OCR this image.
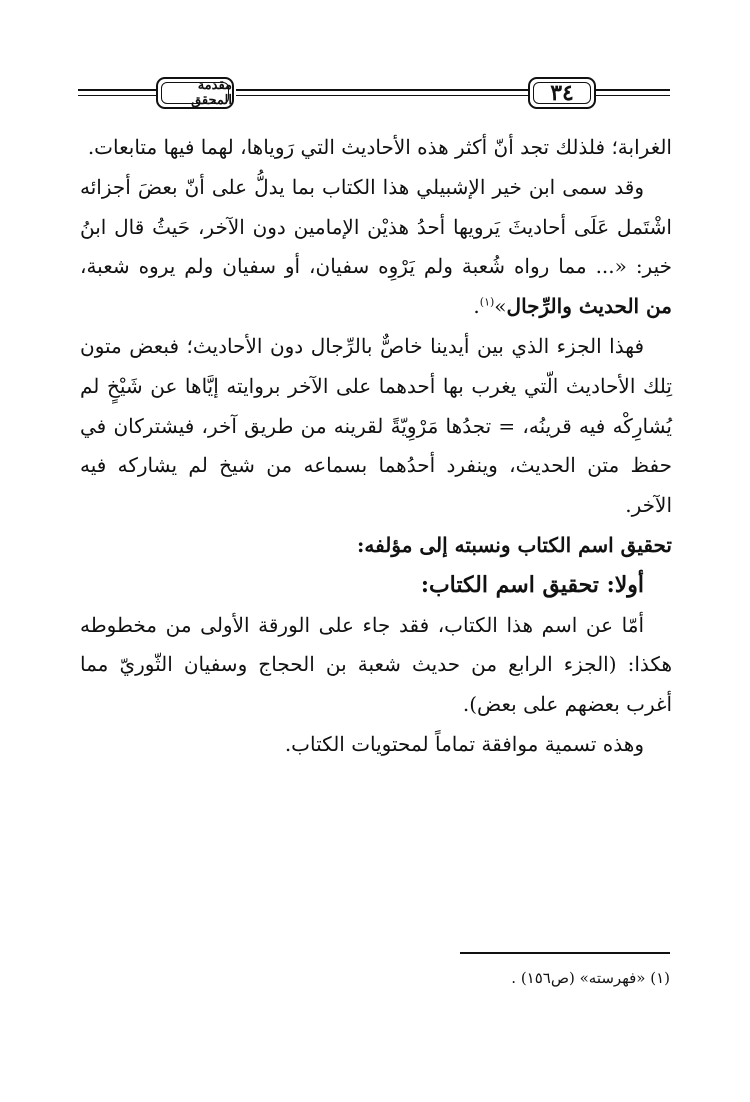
٣٤
مقدمة المحقق

الغرابة؛ فلذلك تجد أنّ أكثر هذه الأحاديث التي رَوياها، لهما فيها متابعات.

وقد سمى ابن خير الإشبيلي هذا الكتاب بما يدلُّ على أنّ بعضَ أجزائه اشْتَمل عَلَى أحاديثَ يَرويها أحدُ هذيْن الإمامين دون الآخر، حَيثُ قال ابنُ خير: «... مما رواه شُعبة ولم يَرْوِه سفيان، أو سفيان ولم يروه شعبة، من الحديث والرِّجال»$^{(١)}$.

فهذا الجزء الذي بين أيدينا خاصٌّ بالرِّجال دون الأحاديث؛ فبعض متون تِلك الأحاديث الّتي يغرب بها أحدهما على الآخر بروايته إيَّاها عن شَيْخٍ لم يُشارِكْه فيه قرينُه، = تجدُها مَرْوِيّةً لقرينه من طريق آخر، فيشتركان في حفظ متن الحديث، وينفرد أحدُهما بسماعه من شيخ لم يشاركه فيه الآخر.

تحقيق اسم الكتاب ونسبته إلى مؤلفه:

أولا: تحقيق اسم الكتاب:

أمّا عن اسم هذا الكتاب، فقد جاء على الورقة الأولى من مخطوطه هكذا: (الجزء الرابع من حديث شعبة بن الحجاج وسفيان الثّوريّ مما أغرب بعضهم على بعض).

وهذه تسمية موافقة تماماً لمحتويات الكتاب.

(١) «فهرسته» (ص١٥٦) .
